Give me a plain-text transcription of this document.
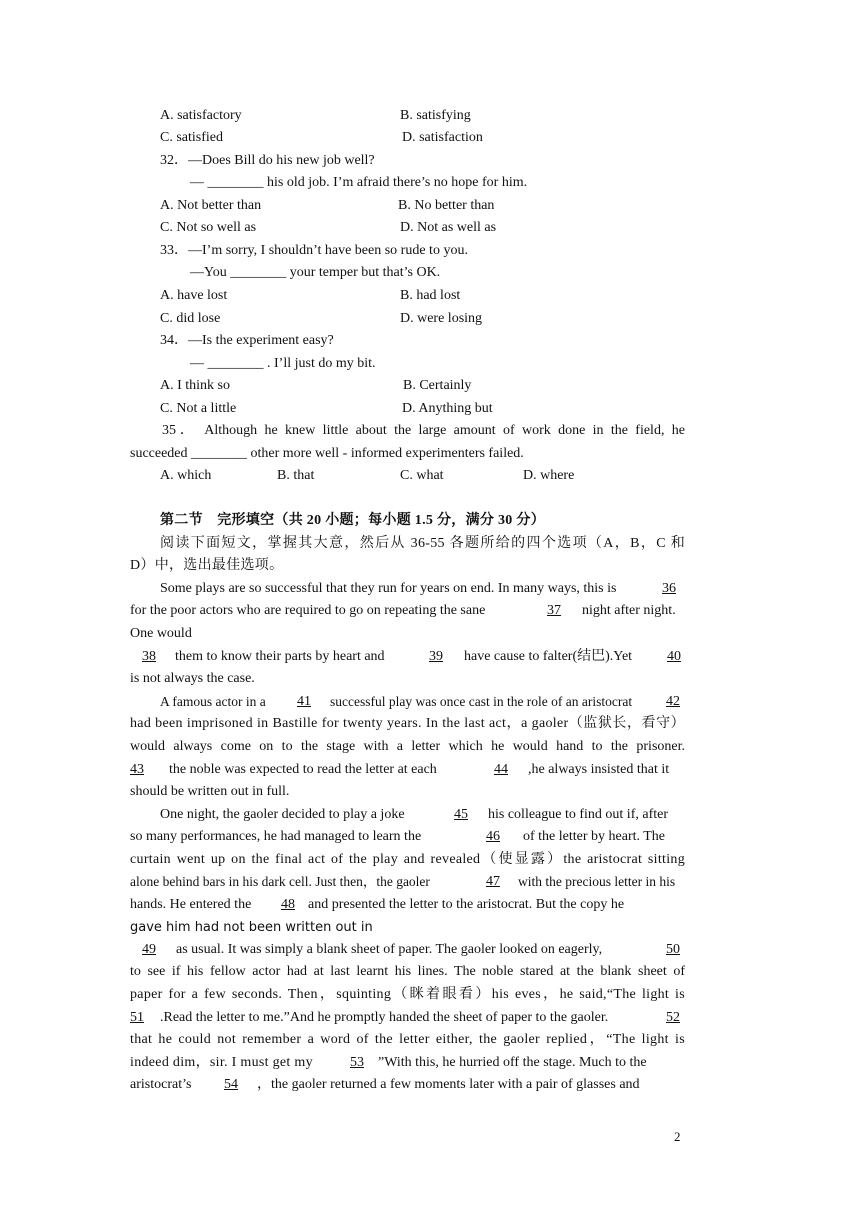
A. satisfactory	B. satisfying
C. satisfied	D. satisfaction
32．—Does Bill do his new job well?
— ________ his old job. I’m afraid there’s no hope for him.
A. Not better than	B. No better than
C. Not so well as	D. Not as well as
33．—I’m sorry, I shouldn’t have been so rude to you.
—You ________ your temper but that’s OK.
A. have lost	B. had lost
C. did lose	D. were losing
34．—Is the experiment easy?
— ________ . I’ll just do my bit.
A. I think so	B. Certainly
C. Not a little	D. Anything but
35． Although he knew little about the large amount of work done in the field, he
succeeded ________ other more well - informed experimenters failed.
A. which	B. that	C. what	D. where
第二节　完形填空（共 20 小题；每小题 1.5 分，满分 30 分）
阅读下面短文，掌握其大意，然后从 36-55 各题所给的四个选项（A，B，C 和
D）中，选出最佳选项。
Some plays are so successful that they run for years on end. In many ways, this is	36
for the poor actors who are required to go on repeating the sane	37	night after night.
One would
38	them to know their parts by heart and	39	have cause to falter(结巴).Yet 40
is not always the case.
A famous actor in a	41	successful play was once cast in the role of an aristocrat 42
had been imprisoned in Bastille for twenty years. In the last act，a gaoler（监狱长，看守）
would always come on to the stage with a letter which he would hand to the prisoner.
43	the noble was expected to read the letter at each	44	,he always insisted that it
should be written out in full.
One night, the gaoler decided to play a joke	45	his colleague to find out if, after
so many performances, he had managed to learn the	46	of the letter by heart. The
curtain went up on the final act of the play and revealed（使显露）the aristocrat sitting
alone behind bars in his dark cell. Just then，the gaoler	47	with the precious letter in his
hands. He entered the	48 and presented the letter to the aristocrat. But the copy he
gave him had not been written out in
49	as usual. It was simply a blank sheet of paper. The gaoler looked on eagerly,	50
to see if his fellow actor had at last learnt his lines. The noble stared at the blank sheet of
paper for a few seconds. Then，squinting（眯着眼看）his eves，he said,“The light is
51	.Read the letter to me.”And he promptly handed the sheet of paper to the gaoler.	52
that he could not remember a word of the letter either, the gaoler replied，“The light is
indeed dim，sir. I must get my	53	”With this, he hurried off the stage. Much to the
aristocrat’s	54	，the gaoler returned a few moments later with a pair of glasses and
2
